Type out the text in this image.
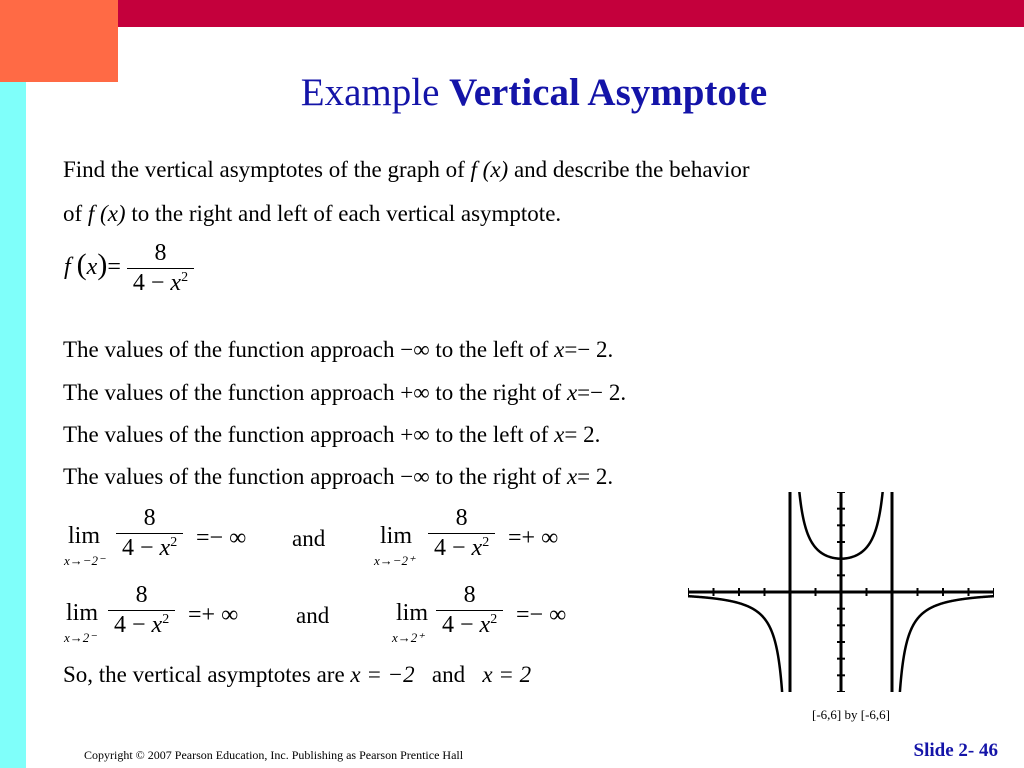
Example Vertical Asymptote
Find the vertical asymptotes of the graph of f (x) and describe the behavior
of f (x) to the right and left of each vertical asymptote.
f $(x)= \frac{8}{4 - x^2}$
The values of the function approach −∞ to the left of x=− 2.
The values of the function approach +∞ to the right of x=− 2.
The values of the function approach +∞ to the left of x= 2.
The values of the function approach −∞ to the right of x= 2.
lim
$x\to-2^- \frac{8}{4 - x^2}$ =− ∞ and lim
$x\to-2^+ \frac{8}{4 - x^2}$ =+ ∞
lim
$x\to 2^- \frac{8}{4 - x^2}$ =+ ∞	and	lim
$x\to 2^+ \frac{8}{4 - x^2}$ =− ∞
So, the vertical asymptotes are x = −2 and x = 2
[-6,6] by [-6,6]
Copyright © 2007 Pearson Education, Inc. Publishing as Pearson Prentice Hall	Slide 2- 46
